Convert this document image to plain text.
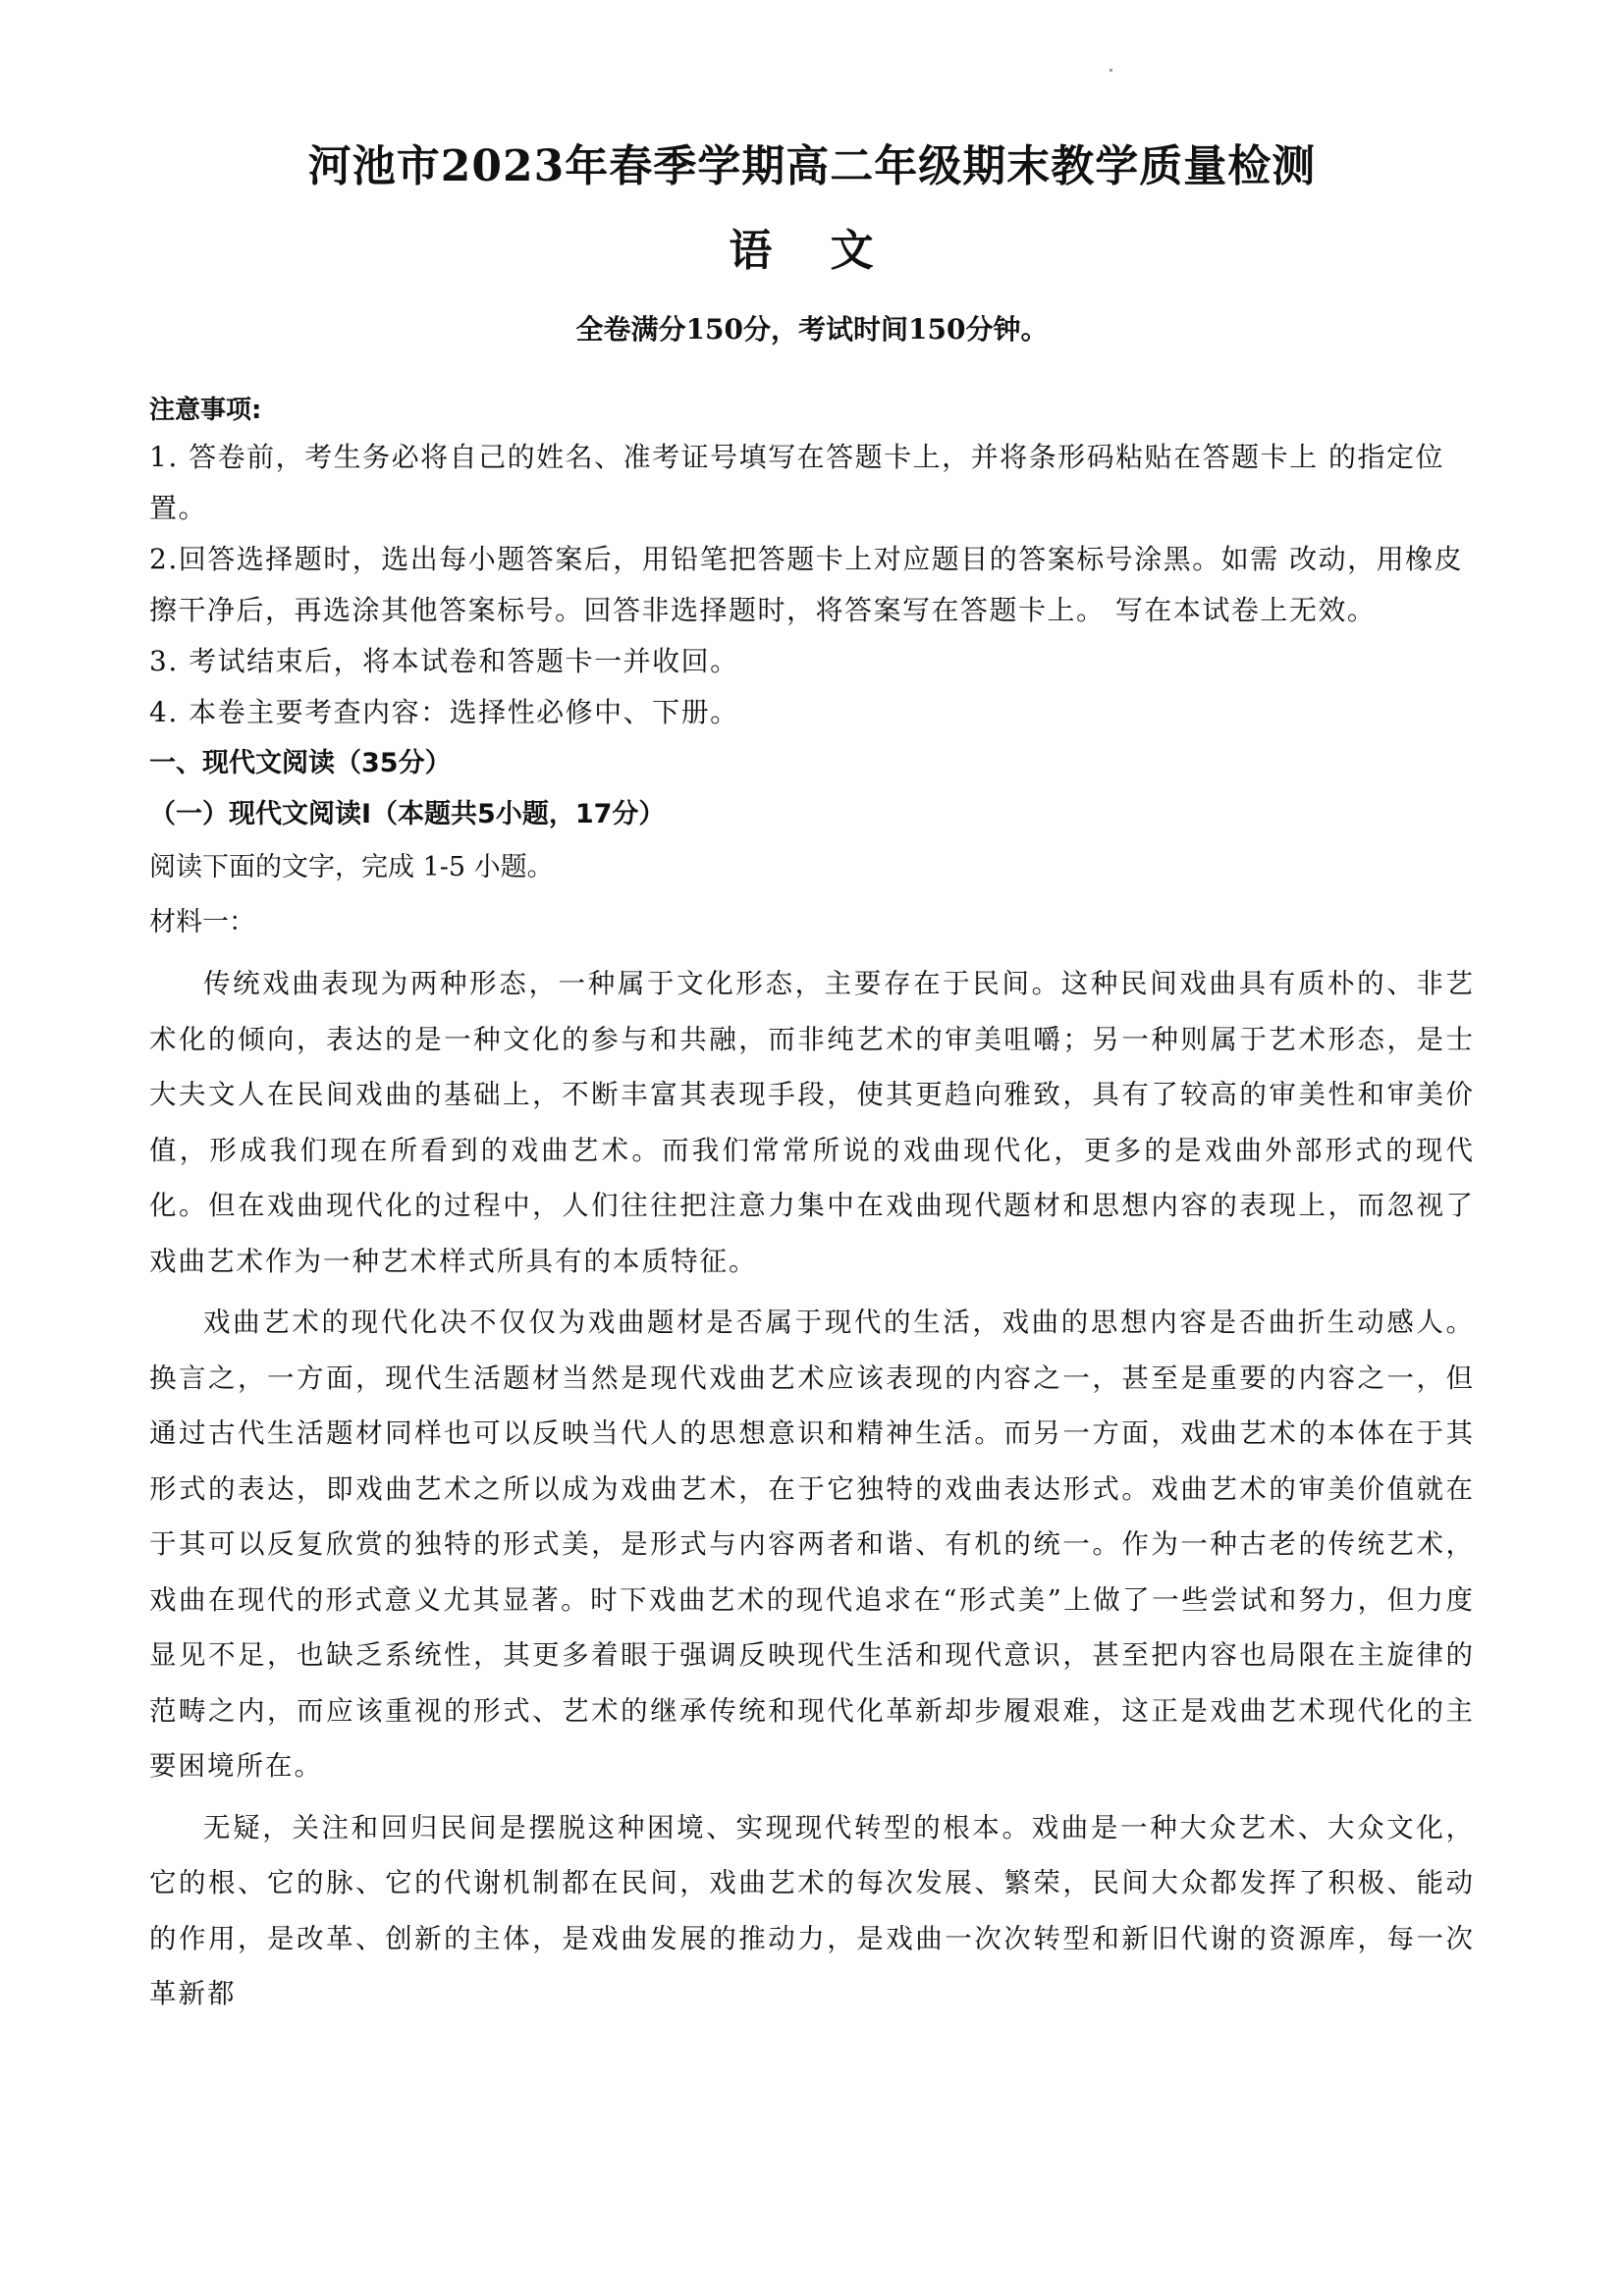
河池市2023年春季学期高二年级期末教学质量检测
语 文
全卷满分150分，考试时间150分钟。
注意事项:

1. 答卷前，考生务必将自己的姓名、准考证号填写在答题卡上，并将条形码粘贴在答题卡上 的指定位置。

2.回答选择题时，选出每小题答案后，用铅笔把答题卡上对应题目的答案标号涂黑。如需 改动，用橡皮擦干净后，再选涂其他答案标号。回答非选择题时，将答案写在答题卡上。 写在本试卷上无效。

3. 考试结束后，将本试卷和答题卡一并收回。

4. 本卷主要考查内容：选择性必修中、下册。

一、现代文阅读（35分）
（一）现代文阅读Ⅰ（本题共5小题，17分）

阅读下面的文字，完成 1-5 小题。

材料一：

传统戏曲表现为两种形态，一种属于文化形态，主要存在于民间。这种民间戏曲具有质朴的、非艺术化的倾向，表达的是一种文化的参与和共融，而非纯艺术的审美咀嚼；另一种则属于艺术形态，是士大夫文人在民间戏曲的基础上，不断丰富其表现手段，使其更趋向雅致，具有了较高的审美性和审美价值，形成我们现在所看到的戏曲艺术。而我们常常所说的戏曲现代化，更多的是戏曲外部形式的现代化。但在戏曲现代化的过程中，人们往往把注意力集中在戏曲现代题材和思想内容的表现上，而忽视了戏曲艺术作为一种艺术样式所具有的本质特征。

戏曲艺术的现代化决不仅仅为戏曲题材是否属于现代的生活，戏曲的思想内容是否曲折生动感人。换言之，一方面，现代生活题材当然是现代戏曲艺术应该表现的内容之一，甚至是重要的内容之一，但通过古代生活题材同样也可以反映当代人的思想意识和精神生活。而另一方面，戏曲艺术的本体在于其形式的表达，即戏曲艺术之所以成为戏曲艺术，在于它独特的戏曲表达形式。戏曲艺术的审美价值就在于其可以反复欣赏的独特的形式美，是形式与内容两者和谐、有机的统一。作为一种古老的传统艺术，戏曲在现代的形式意义尤其显著。时下戏曲艺术的现代追求在“形式美”上做了一些尝试和努力，但力度显见不足，也缺乏系统性，其更多着眼于强调反映现代生活和现代意识，甚至把内容也局限在主旋律的范畴之内，而应该重视的形式、艺术的继承传统和现代化革新却步履艰难，这正是戏曲艺术现代化的主要困境所在。

无疑，关注和回归民间是摆脱这种困境、实现现代转型的根本。戏曲是一种大众艺术、大众文化，它的根、它的脉、它的代谢机制都在民间，戏曲艺术的每次发展、繁荣，民间大众都发挥了积极、能动的作用，是改革、创新的主体，是戏曲发展的推动力，是戏曲一次次转型和新旧代谢的资源库，每一次革新都
